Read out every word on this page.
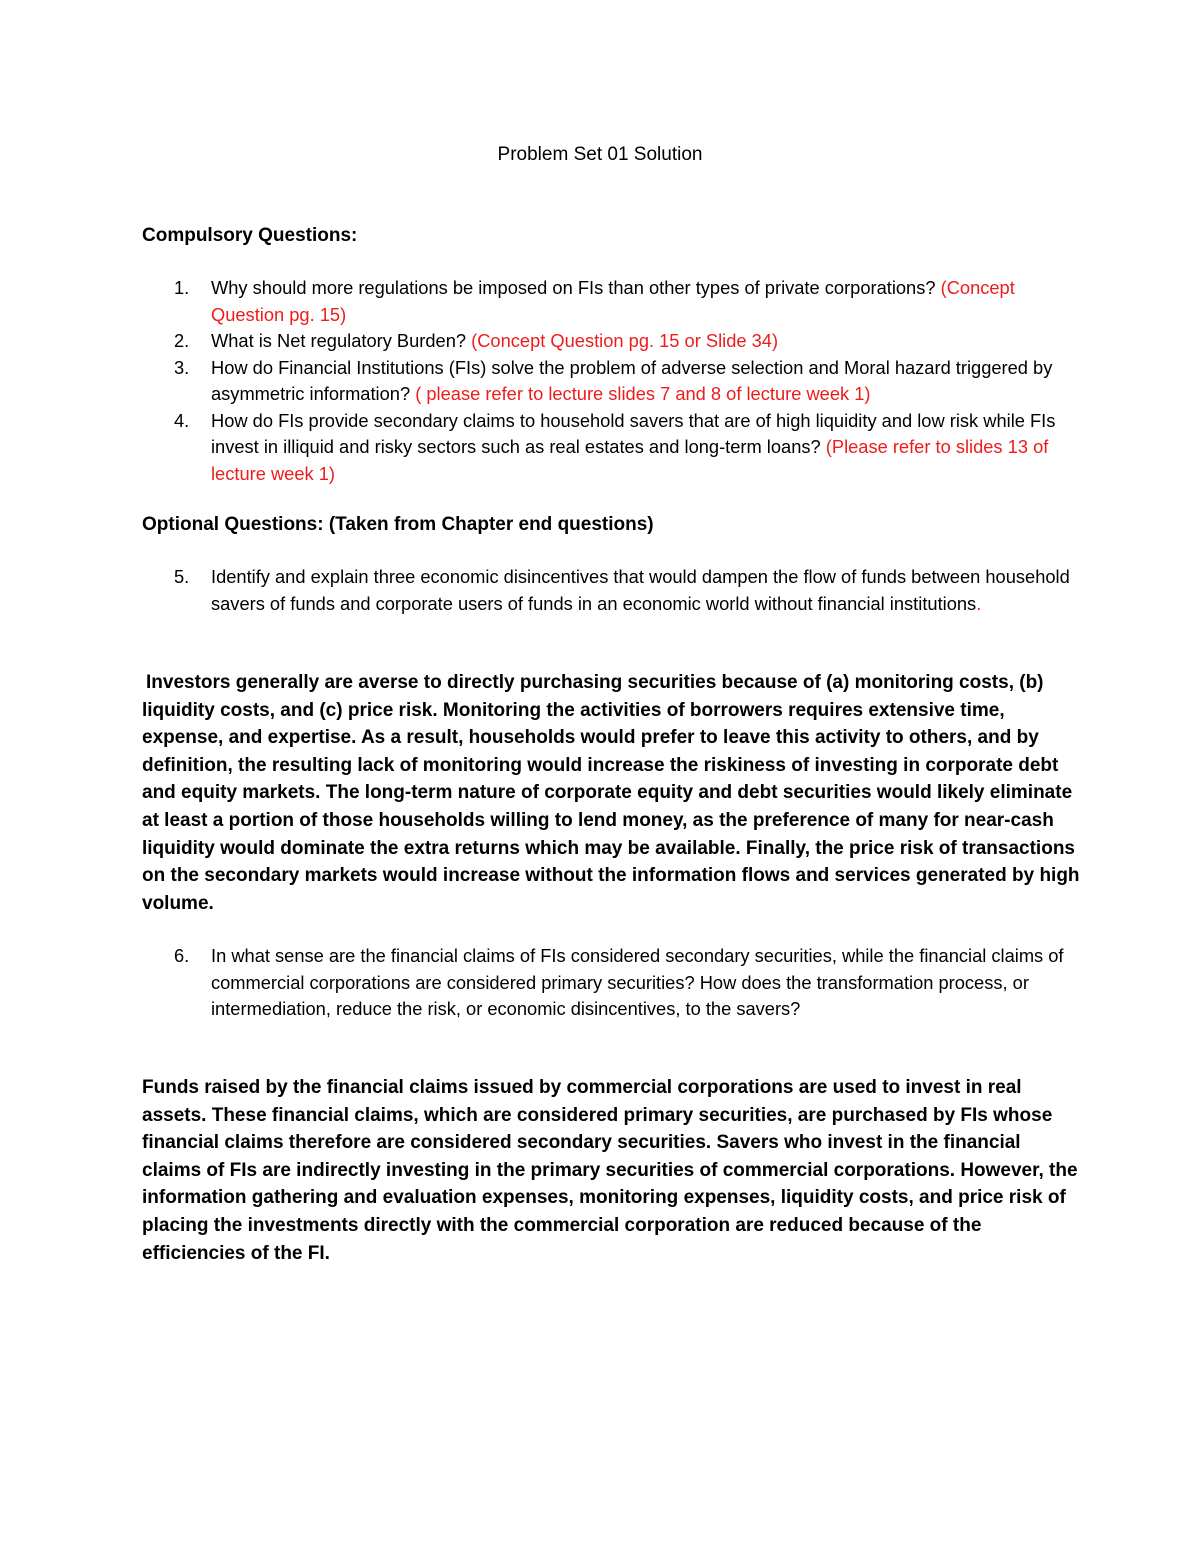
Problem Set 01 Solution
Compulsory Questions:
1. Why should more regulations be imposed on FIs than other types of private corporations? (Concept Question pg. 15)
2. What is Net regulatory Burden? (Concept Question pg. 15 or Slide 34)
3. How do Financial Institutions (FIs) solve the problem of adverse selection and Moral hazard triggered by asymmetric information? ( please refer to lecture slides 7 and 8 of lecture week 1)
4. How do FIs provide secondary claims to household savers that are of high liquidity and low risk while FIs invest in illiquid and risky sectors such as real estates and long-term loans? (Please refer to slides 13 of lecture week 1)
Optional Questions: (Taken from Chapter end questions)
5. Identify and explain three economic disincentives that would dampen the flow of funds between household savers of funds and corporate users of funds in an economic world without financial institutions.
Investors generally are averse to directly purchasing securities because of (a) monitoring costs, (b) liquidity costs, and (c) price risk. Monitoring the activities of borrowers requires extensive time, expense, and expertise. As a result, households would prefer to leave this activity to others, and by definition, the resulting lack of monitoring would increase the riskiness of investing in corporate debt and equity markets. The long-term nature of corporate equity and debt securities would likely eliminate at least a portion of those households willing to lend money, as the preference of many for near-cash liquidity would dominate the extra returns which may be available. Finally, the price risk of transactions on the secondary markets would increase without the information flows and services generated by high volume.
6. In what sense are the financial claims of FIs considered secondary securities, while the financial claims of commercial corporations are considered primary securities? How does the transformation process, or intermediation, reduce the risk, or economic disincentives, to the savers?
Funds raised by the financial claims issued by commercial corporations are used to invest in real assets. These financial claims, which are considered primary securities, are purchased by FIs whose financial claims therefore are considered secondary securities. Savers who invest in the financial claims of FIs are indirectly investing in the primary securities of commercial corporations. However, the information gathering and evaluation expenses, monitoring expenses, liquidity costs, and price risk of placing the investments directly with the commercial corporation are reduced because of the efficiencies of the FI.
